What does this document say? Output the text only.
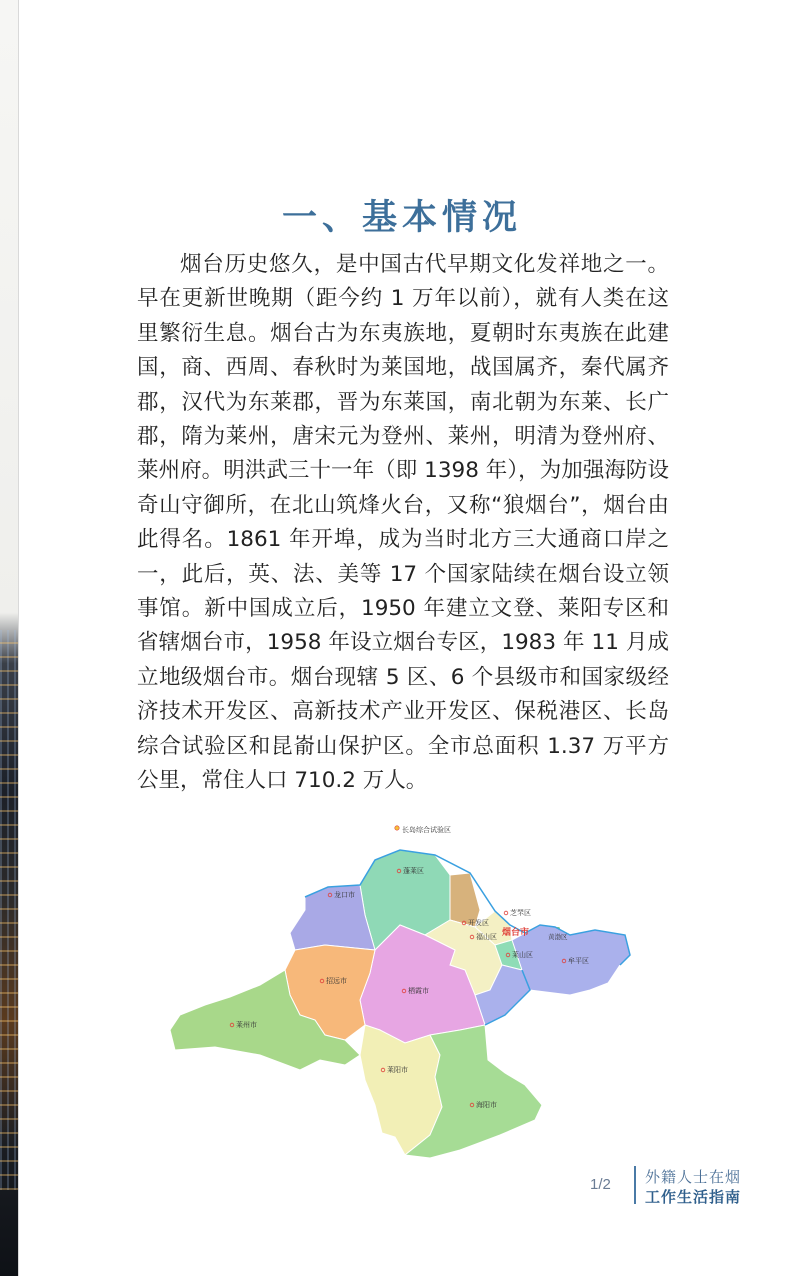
一、基本情况

烟台历史悠久，是中国古代早期文化发祥地之一。早在更新世晚期（距今约 1 万年以前），就有人类在这里繁衍生息。烟台古为东夷族地，夏朝时东夷族在此建国，商、西周、春秋时为莱国地，战国属齐，秦代属齐郡，汉代为东莱郡，晋为东莱国，南北朝为东莱、长广郡，隋为莱州，唐宋元为登州、莱州，明清为登州府、莱州府。明洪武三十一年（即 1398 年），为加强海防设奇山守御所，在北山筑烽火台，又称“狼烟台”，烟台由此得名。1861 年开埠，成为当时北方三大通商口岸之一，此后，英、法、美等 17 个国家陆续在烟台设立领事馆。新中国成立后，1950 年建立文登、莱阳专区和省辖烟台市，1958 年设立烟台专区，1983 年 11 月成立地级烟台市。烟台现辖 5 区、6 个县级市和国家级经济技术开发区、高新技术产业开发区、保税港区、长岛综合试验区和昆嵛山保护区。全市总面积 1.37 万平方公里，常住人口 710.2 万人。

长岛综合试验区
蓬莱区
龙口市
招远市
栖霞市
莱州市
莱阳市
海阳市
开发区
芝罘区
福山区 烟台市
莱山区
黄渤区
牟平区
1/2 外籍人士在烟
工作生活指南
